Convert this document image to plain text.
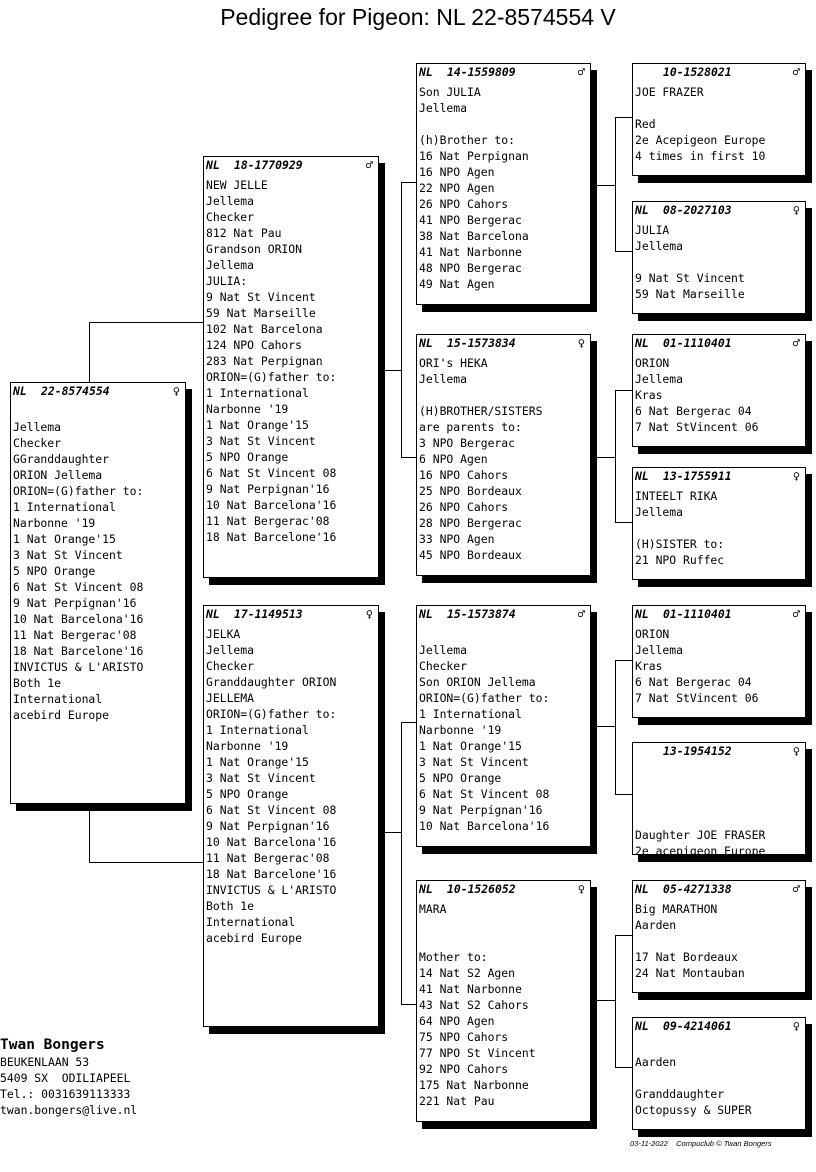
Pedigree for Pigeon: NL 22-8574554 V
NL 22-8574554	♀
Jellema
Checker
GGranddaughter
ORION Jellema
ORION=(G)father to:
1 International
Narbonne '19
1 Nat Orange'15
3 Nat St Vincent
5 NPO Orange
6 Nat St Vincent 08
9 Nat Perpignan'16
10 Nat Barcelona'16
11 Nat Bergerac'08
18 Nat Barcelone'16
INVICTUS & L'ARISTO
Both 1e
International
acebird Europe
NL 18-1770929	♂
NEW JELLE
Jellema
Checker
812 Nat Pau
Grandson ORION
Jellema
JULIA:
9 Nat St Vincent
59 Nat Marseille
102 Nat Barcelona
124 NPO Cahors
283 Nat Perpignan
ORION=(G)father to:
1 International
Narbonne '19
1 Nat Orange'15
3 Nat St Vincent
5 NPO Orange
6 Nat St Vincent 08
9 Nat Perpignan'16
10 Nat Barcelona'16
11 Nat Bergerac'08
18 Nat Barcelone'16
NL 17-1149513	♀
JELKA
Jellema
Checker
Granddaughter ORION
JELLEMA
ORION=(G)father to:
1 International
Narbonne '19
1 Nat Orange'15
3 Nat St Vincent
5 NPO Orange
6 Nat St Vincent 08
9 Nat Perpignan'16
10 Nat Barcelona'16
11 Nat Bergerac'08
18 Nat Barcelone'16
INVICTUS & L'ARISTO
Both 1e
International
acebird Europe
NL 14-1559809	♂
Son JULIA
Jellema
(h)Brother to:
16 Nat Perpignan
16 NPO Agen
22 NPO Agen
26 NPO Cahors
41 NPO Bergerac
38 Nat Barcelona
41 Nat Narbonne
48 NPO Bergerac
49 Nat Agen
NL 15-1573834	♀
ORI's HEKA
Jellema
(H)BROTHER/SISTERS
are parents to:
3 NPO Bergerac
6 NPO Agen
16 NPO Cahors
25 NPO Bordeaux
26 NPO Cahors
28 NPO Bergerac
33 NPO Agen
45 NPO Bordeaux
NL 15-1573874	♂
Jellema
Checker
Son ORION Jellema
ORION=(G)father to:
1 International
Narbonne '19
1 Nat Orange'15
3 Nat St Vincent
5 NPO Orange
6 Nat St Vincent 08
9 Nat Perpignan'16
10 Nat Barcelona'16
NL 10-1526052	♀
MARA
Mother to:
14 Nat S2 Agen
41 Nat Narbonne
43 Nat S2 Cahors
64 NPO Agen
75 NPO Cahors
77 NPO St Vincent
92 NPO Cahors
175 Nat Narbonne
221 Nat Pau
10-1528021	♂
JOE FRAZER
Red
2e Acepigeon Europe
4 times in first 10
NL 08-2027103	♀
JULIA
Jellema
9 Nat St Vincent
59 Nat Marseille
NL 01-1110401	♂
ORION
Jellema
Kras
6 Nat Bergerac 04
7 Nat StVincent 06
NL 13-1755911	♀
INTEELT RIKA
Jellema
(H)SISTER to:
21 NPO Ruffec
NL 01-1110401	♂
ORION
Jellema
Kras
6 Nat Bergerac 04
7 Nat StVincent 06
13-1954152	♀
Daughter JOE FRASER
2e acepigeon Europe
NL 05-4271338	♂
Big MARATHON
Aarden
17 Nat Bordeaux
24 Nat Montauban
NL 09-4214061	♀
Aarden
Granddaughter
Octopussy & SUPER
Twan Bongers
BEUKENLAAN 53
5409 SX  ODILIAPEEL
Tel.: 0031639113333
twan.bongers@live.nl
03-11-2022    Compuclub © Twan Bongers
